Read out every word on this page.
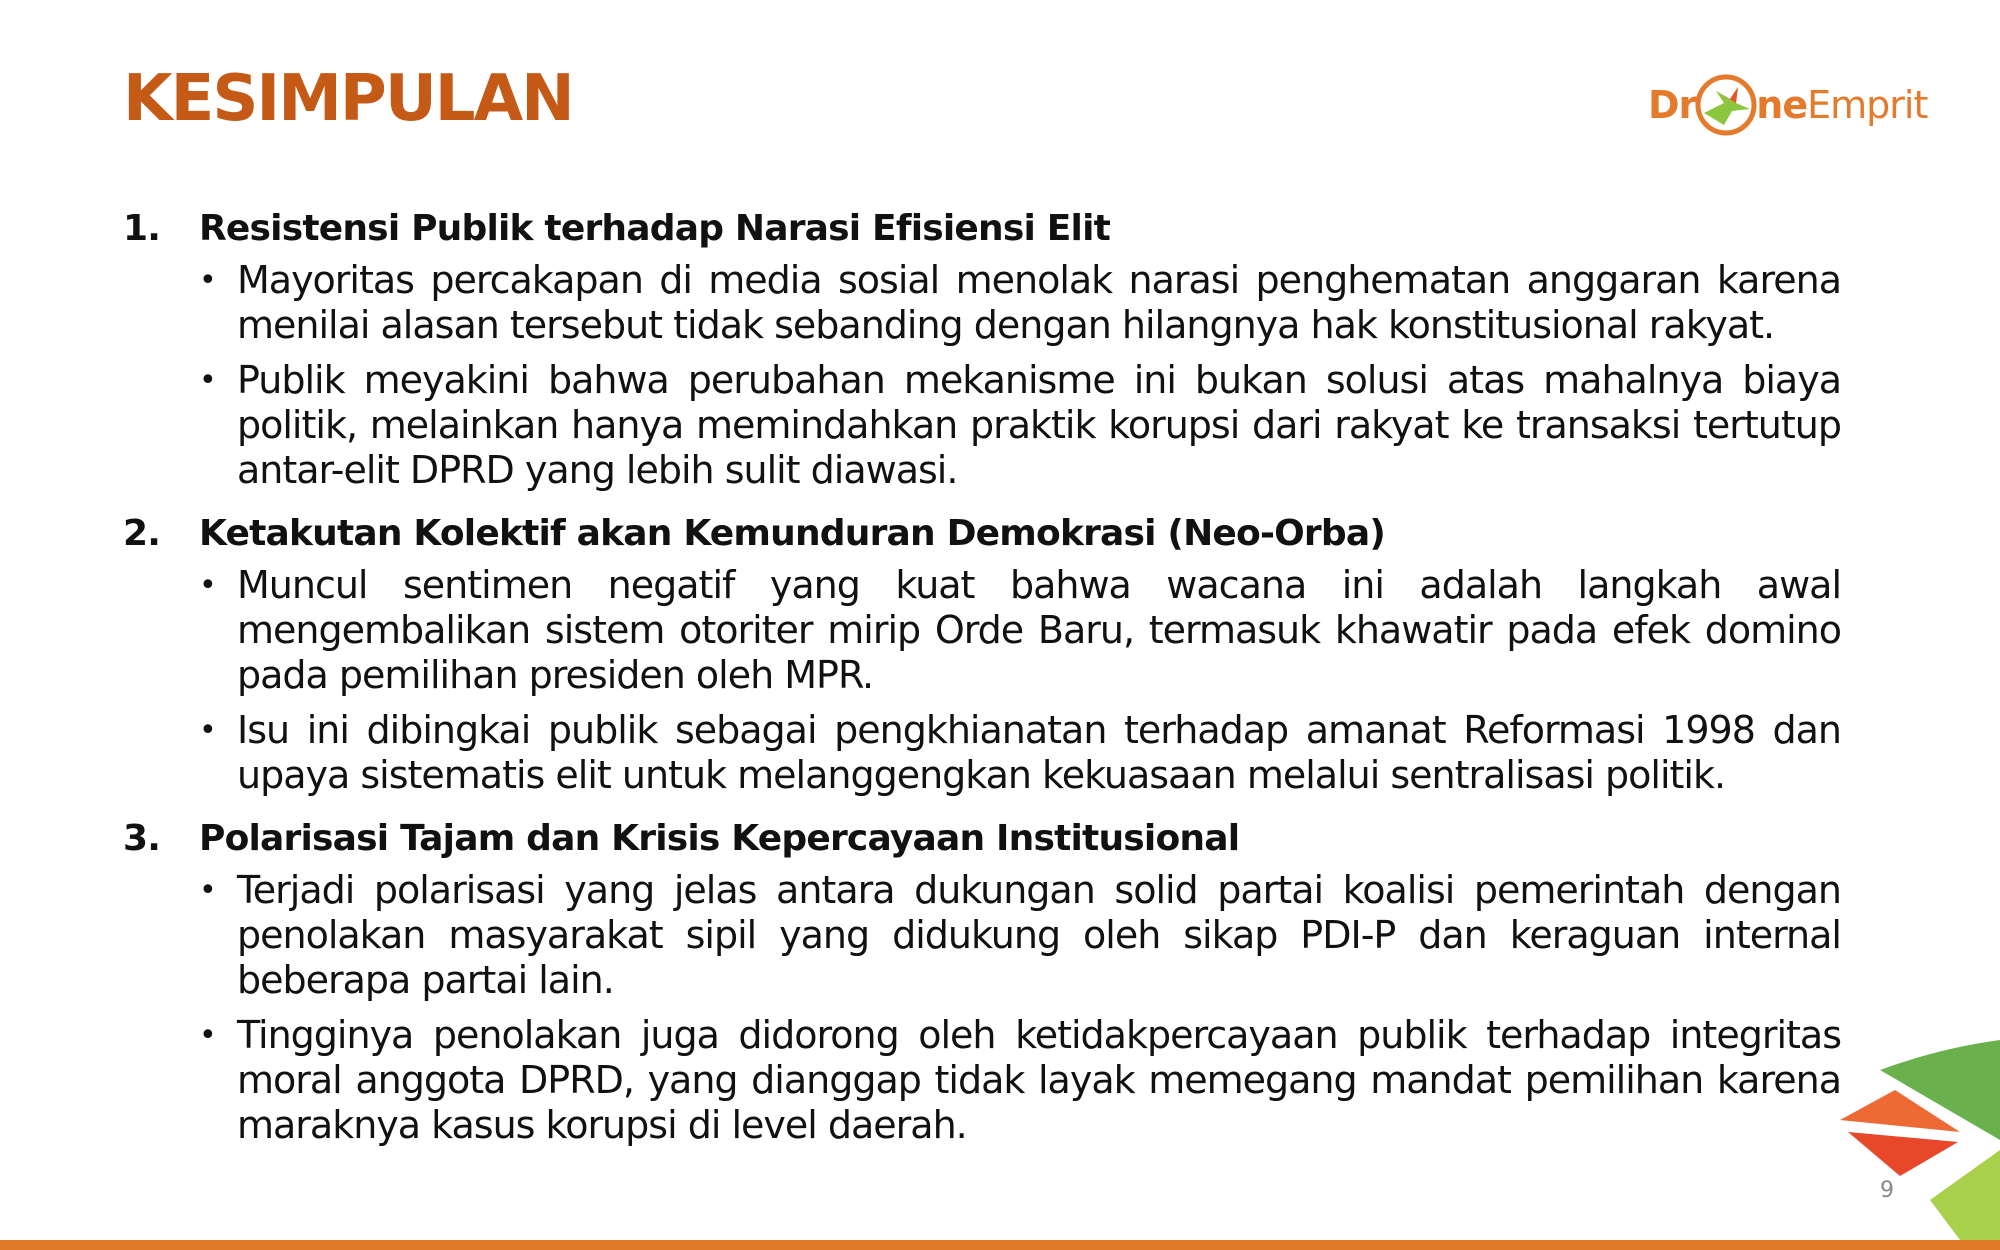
KESIMPULAN	Dr ne Emprit
1.	Resistensi Publik terhadap Narasi Efisiensi Elit
• Mayoritas percakapan di media sosial menolak narasi penghematan anggaran karena menilai alasan tersebut tidak sebanding dengan hilangnya hak konstitusional rakyat.
• Publik meyakini bahwa perubahan mekanisme ini bukan solusi atas mahalnya biaya politik, melainkan hanya memindahkan praktik korupsi dari rakyat ke transaksi tertutup antar-elit DPRD yang lebih sulit diawasi.
2.	Ketakutan Kolektif akan Kemunduran Demokrasi (Neo-Orba)
• Muncul sentimen negatif yang kuat bahwa wacana ini adalah langkah awal mengembalikan sistem otoriter mirip Orde Baru, termasuk khawatir pada efek domino pada pemilihan presiden oleh MPR.
• Isu ini dibingkai publik sebagai pengkhianatan terhadap amanat Reformasi 1998 dan upaya sistematis elit untuk melanggengkan kekuasaan melalui sentralisasi politik.
3.	Polarisasi Tajam dan Krisis Kepercayaan Institusional
• Terjadi polarisasi yang jelas antara dukungan solid partai koalisi pemerintah dengan penolakan masyarakat sipil yang didukung oleh sikap PDI-P dan keraguan internal beberapa partai lain.
• Tingginya penolakan juga didorong oleh ketidakpercayaan publik terhadap integritas moral anggota DPRD, yang dianggap tidak layak memegang mandat pemilihan karena maraknya kasus korupsi di level daerah.
9
